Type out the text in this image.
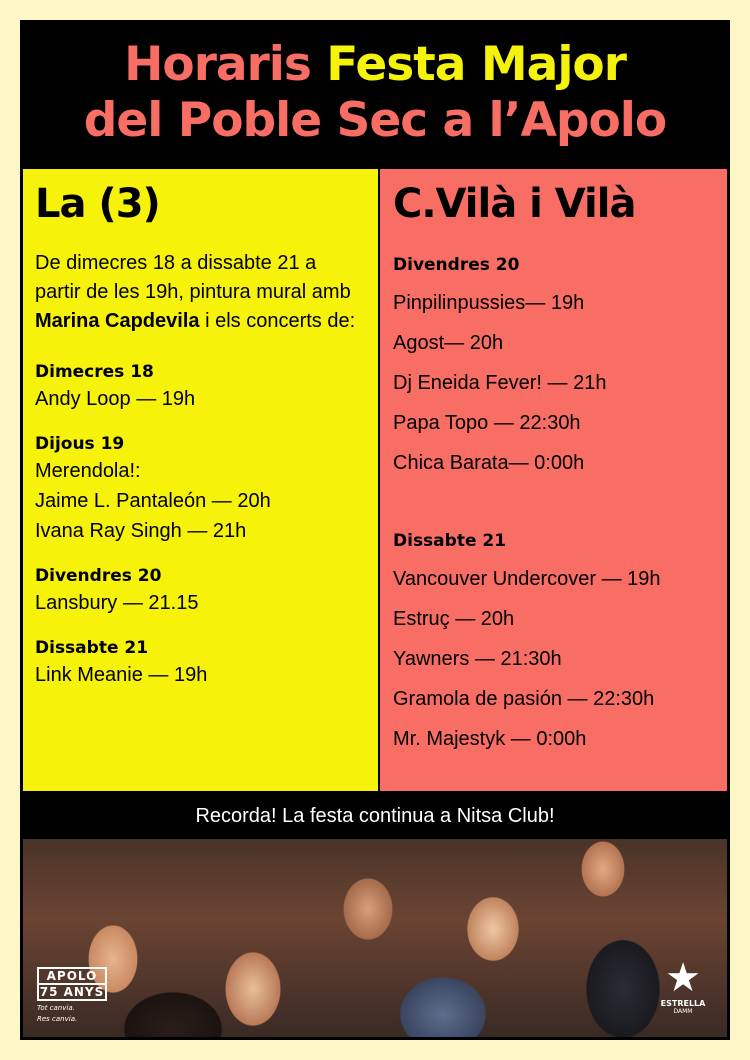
Horaris Festa Major
del Poble Sec a l’Apolo
La (3)
De dimecres 18 a dissabte 21 a partir de les 19h, pintura mural amb Marina Capdevila i els concerts de:
Dimecres 18
Andy Loop — 19h
Dijous 19
Merendola!:
Jaime L. Pantaleón — 20h
Ivana Ray Singh — 21h
Divendres 20
Lansbury — 21.15
Dissabte 21
Link Meanie — 19h
C.Vilà i Vilà
Divendres 20
Pinpilinpussies— 19h
Agost— 20h
Dj Eneida Fever! — 21h
Papa Topo — 22:30h
Chica Barata— 0:00h
Dissabte 21
Vancouver Undercover — 19h
Estruç — 20h
Yawners — 21:30h
Gramola de pasión — 22:30h
Mr. Majestyk — 0:00h
Recorda! La festa continua a Nitsa Club!
APOLO
75 ANYS
Tot canvia.
Res canvia.
★
ESTRELLA
DAMM
